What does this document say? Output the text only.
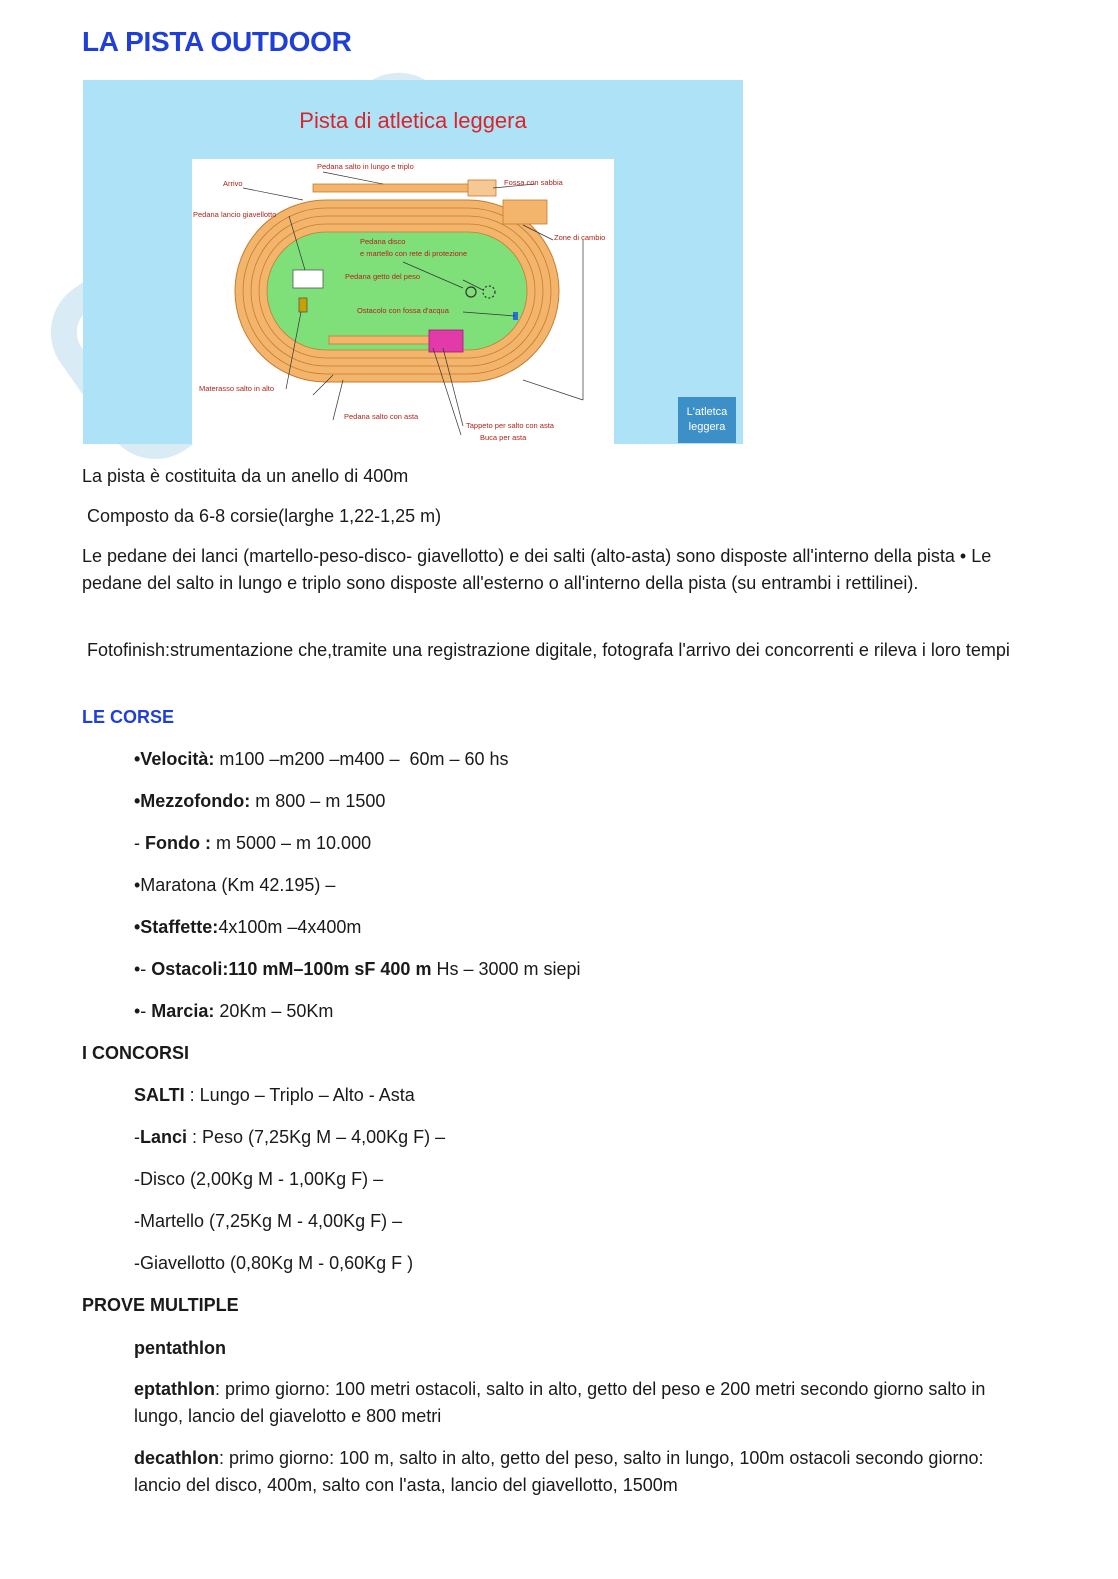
LA PISTA OUTDOOR
Pista di atletica leggera
Pedana salto in lungo e triplo
Fossa con sabbia
Arrivo
Pedana lancio giavellotto
Zone di cambio
Pedana disco
e martello con rete di protezione
Pedana getto del peso
Ostacolo con fossa d'acqua
Materasso salto in alto
Pedana salto con asta
Tappeto per salto con asta
Buca per asta
L'atletca
leggera

La pista è costituita da un anello di 400m

Composto da 6-8 corsie(larghe 1,22-1,25 m)

Le pedane dei lanci (martello-peso-disco- giavellotto) e dei salti (alto-asta) sono disposte all'interno della pista • Le pedane del salto in lungo e triplo sono disposte all'esterno o all'interno della pista (su entrambi i rettilinei).

Fotofinish:strumentazione che,tramite una registrazione digitale, fotografa l'arrivo dei concorrenti e rileva i loro tempi

LE CORSE

•Velocità: m100 –m200 –m400 –  60m – 60 hs

•Mezzofondo: m 800 – m 1500

- Fondo : m 5000 – m 10.000

•Maratona (Km 42.195) –

•Staffette:4x100m –4x400m

•- Ostacoli:110 mM–100m sF 400 m Hs – 3000 m siepi

•- Marcia: 20Km – 50Km

I CONCORSI

SALTI : Lungo – Triplo – Alto - Asta

-Lanci : Peso (7,25Kg M – 4,00Kg F) –

-Disco (2,00Kg M - 1,00Kg F) –

-Martello (7,25Kg M - 4,00Kg F) –

-Giavellotto (0,80Kg M - 0,60Kg F )

PROVE MULTIPLE

pentathlon

eptathlon: primo giorno: 100 metri ostacoli, salto in alto, getto del peso e 200 metri secondo giorno salto in lungo, lancio del giavelotto e 800 metri

decathlon: primo giorno: 100 m, salto in alto, getto del peso, salto in lungo, 100m ostacoli secondo giorno: lancio del disco, 400m, salto con l'asta, lancio del giavellotto, 1500m
